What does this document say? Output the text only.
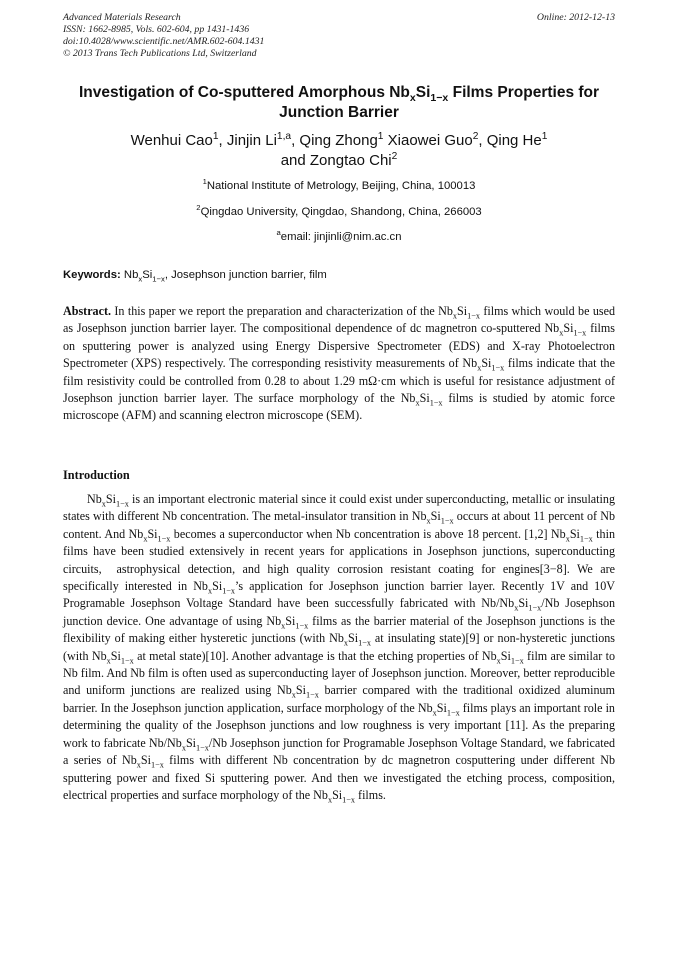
Advanced Materials Research
ISSN: 1662-8985, Vols. 602-604, pp 1431-1436
doi:10.4028/www.scientific.net/AMR.602-604.1431
© 2013 Trans Tech Publications Ltd, Switzerland
Online: 2012-12-13
Investigation of Co-sputtered Amorphous $Nb_xSi_{1-x}$ Films Properties for
Junction Barrier
Wenhui Cao$^1$, Jinjin Li$^{1,a}$, Qing Zhong$^1$ Xiaowei Guo$^2$, Qing He$^1$
and Zongtao Chi$^2$
$^1$National Institute of Metrology, Beijing, China, 100013
$^2$Qingdao University, Qingdao, Shandong, China, 266003
$^a$email: jinjinli@nim.ac.cn
Keywords: $Nb_xSi_{1-x}$, Josephson junction barrier, film
Abstract. In this paper we report the preparation and characterization of the $Nb_xSi_{1-x}$ films which would be used as Josephson junction barrier layer. The compositional dependence of dc magnetron co-sputtered $Nb_xSi_{1-x}$ films on sputtering power is analyzed using Energy Dispersive Spectrometer (EDS) and X-ray Photoelectron Spectrometer (XPS) respectively. The corresponding resistivity measurements of $Nb_xSi_{1-x}$ films indicate that the film resistivity could be controlled from 0.28 to about 1.29 mΩ·cm which is useful for resistance adjustment of Josephson junction barrier layer. The surface morphology of the $Nb_xSi_{1-x}$ films is studied by atomic force microscope (AFM) and scanning electron microscope (SEM).
Introduction
$Nb_xSi_{1-x}$ is an important electronic material since it could exist under superconducting, metallic or insulating states with different Nb concentration. The metal-insulator transition in $Nb_xSi_{1-x}$ occurs at about 11 percent of Nb content. And $Nb_xSi_{1-x}$ becomes a superconductor when Nb concentration is above 18 percent. [1,2] $Nb_xSi_{1-x}$ thin films have been studied extensively in recent years for applications in Josephson junctions, superconducting circuits,  astrophysical detection, and high quality corrosion resistant coating for engines[3−8]. We are specifically interested in $Nb_xSi_{1-x}’s$ application for Josephson junction barrier layer. Recently 1V and 10V Programable Josephson Voltage Standard have been successfully fabricated with $Nb/Nb_xSi_{1-x}/Nb$ Josephson junction device. One advantage of using $Nb_xSi_{1-x}$ films as the barrier material of the Josephson junctions is the flexibility of making either hysteretic junctions (with $Nb_xSi_{1-x}$ at insulating state)[9] or non-hysteretic junctions (with $Nb_xSi_{1-x}$ at metal state)[10]. Another advantage is that the etching properties of $Nb_xSi_{1-x}$ film are similar to Nb film. And Nb film is often used as superconducting layer of Josephson junction. Moreover, better reproducible and uniform junctions are realized using $Nb_xSi_{1-x}$ barrier compared with the traditional oxidized aluminum barrier. In the Josephson junction application, surface morphology of the $Nb_xSi_{1-x}$ films plays an important role in determining the quality of the Josephson junctions and low roughness is very important [11]. As the preparing work to fabricate $Nb/Nb_xSi_{1-x}/Nb$ Josephson junction for Programable Josephson Voltage Standard, we fabricated a series of $Nb_xSi_{1-x}$ films with different Nb concentration by dc magnetron cosputtering under different Nb sputtering power and fixed Si sputtering power. And then we investigated the etching process, composition, electrical properties and surface morphology of the $Nb_xSi_{1-x}$ films.
